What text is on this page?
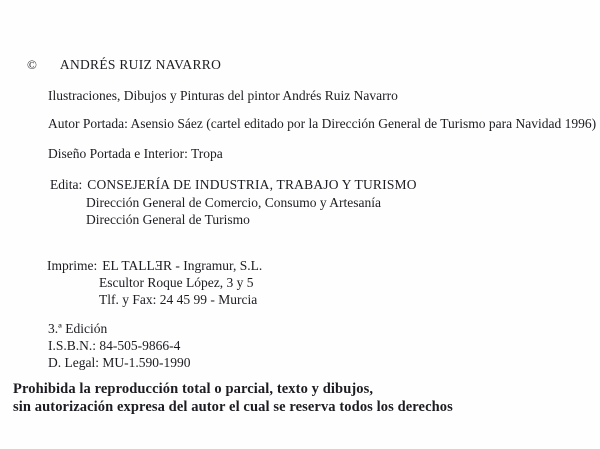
© ANDRÉS RUIZ NAVARRO
Ilustraciones, Dibujos y Pinturas del pintor Andrés Ruiz Navarro
Autor Portada: Asensio Sáez (cartel editado por la Dirección General de Turismo para Navidad 1996)
Diseño Portada e Interior: Tropa
Edita: CONSEJERÍA DE INDUSTRIA, TRABAJO Y TURISMO
Dirección General de Comercio, Consumo y Artesanía
Dirección General de Turismo
Imprime: EL TALLƎR - Ingramur, S.L.
Escultor Roque López, 3 y 5
Tlf. y Fax: 24 45 99 - Murcia
3.ª Edición
I.S.B.N.: 84-505-9866-4
D. Legal: MU-1.590-1990
Prohibida la reproducción total o parcial, texto y dibujos,
sin autorización expresa del autor el cual se reserva todos los derechos
